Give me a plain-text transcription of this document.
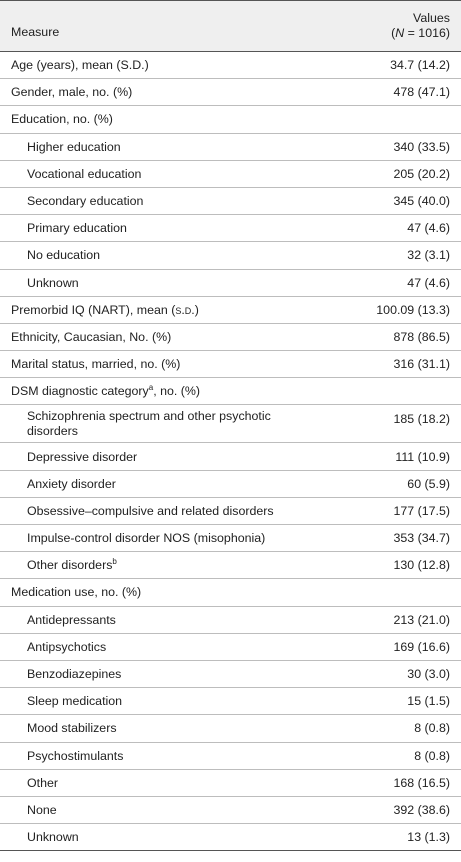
Measure	Values
(N = 1016)
Age (years), mean (S.D.)	34.7 (14.2)
Gender, male, no. (%)	478 (47.1)
Education, no. (%)	
Higher education	340 (33.5)
Vocational education	205 (20.2)
Secondary education	345 (40.0)
Primary education	47 (4.6)
No education	32 (3.1)
Unknown	47 (4.6)
Premorbid IQ (NART), mean (s.d.)	100.09 (13.3)
Ethnicity, Caucasian, No. (%)	878 (86.5)
Marital status, married, no. (%)	316 (31.1)
DSM diagnostic category$^a$, no. (%)	
Schizophrenia spectrum and other psychotic
disorders	185 (18.2)
Depressive disorder	111 (10.9)
Anxiety disorder	60 (5.9)
Obsessive–compulsive and related disorders	177 (17.5)
Impulse-control disorder NOS (misophonia)	353 (34.7)
Other disorders$^b$	130 (12.8)
Medication use, no. (%)	
Antidepressants	213 (21.0)
Antipsychotics	169 (16.6)
Benzodiazepines	30 (3.0)
Sleep medication	15 (1.5)
Mood stabilizers	8 (0.8)
Psychostimulants	8 (0.8)
Other	168 (16.5)
None	392 (38.6)
Unknown	13 (1.3)
